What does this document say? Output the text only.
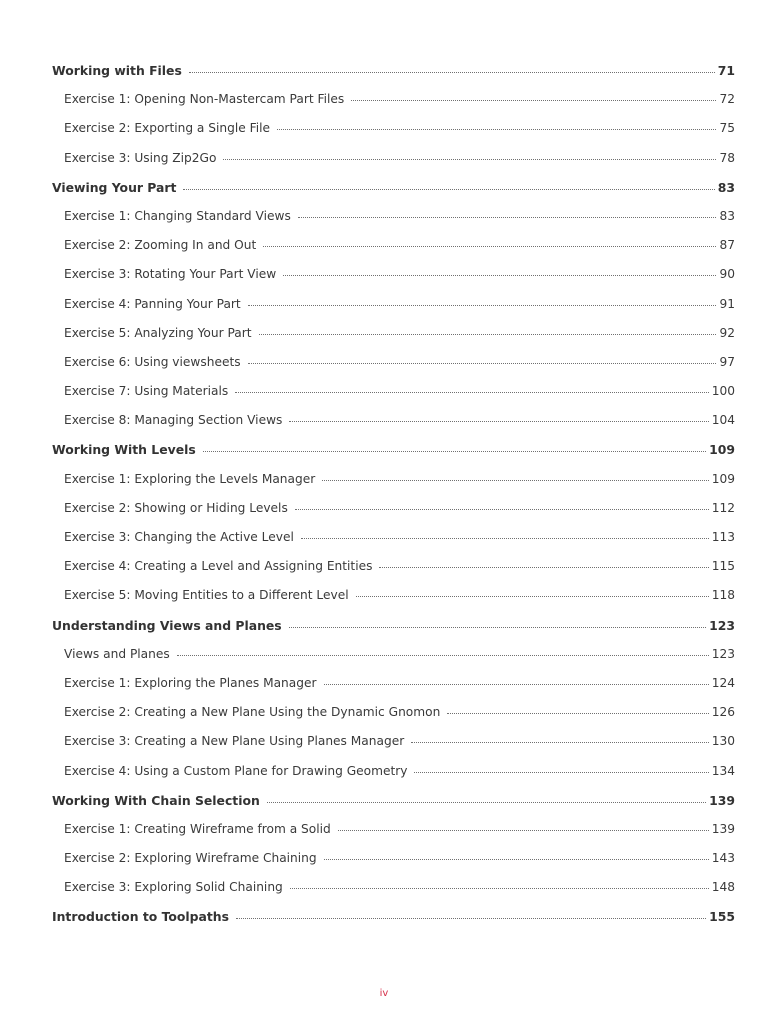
Working with Files	71
Exercise 1: Opening Non-Mastercam Part Files	72
Exercise 2: Exporting a Single File	75
Exercise 3: Using Zip2Go	78
Viewing Your Part	83
Exercise 1: Changing Standard Views	83
Exercise 2: Zooming In and Out	87
Exercise 3: Rotating Your Part View	90
Exercise 4: Panning Your Part	91
Exercise 5: Analyzing Your Part	92
Exercise 6: Using viewsheets	97
Exercise 7: Using Materials	100
Exercise 8: Managing Section Views	104
Working With Levels	109
Exercise 1: Exploring the Levels Manager	109
Exercise 2: Showing or Hiding Levels	112
Exercise 3: Changing the Active Level	113
Exercise 4: Creating a Level and Assigning Entities	115
Exercise 5: Moving Entities to a Different Level	118
Understanding Views and Planes	123
Views and Planes	123
Exercise 1: Exploring the Planes Manager	124
Exercise 2: Creating a New Plane Using the Dynamic Gnomon	126
Exercise 3: Creating a New Plane Using Planes Manager	130
Exercise 4: Using a Custom Plane for Drawing Geometry	134
Working With Chain Selection	139
Exercise 1: Creating Wireframe from a Solid	139
Exercise 2: Exploring Wireframe Chaining	143
Exercise 3: Exploring Solid Chaining	148
Introduction to Toolpaths	155
iv
